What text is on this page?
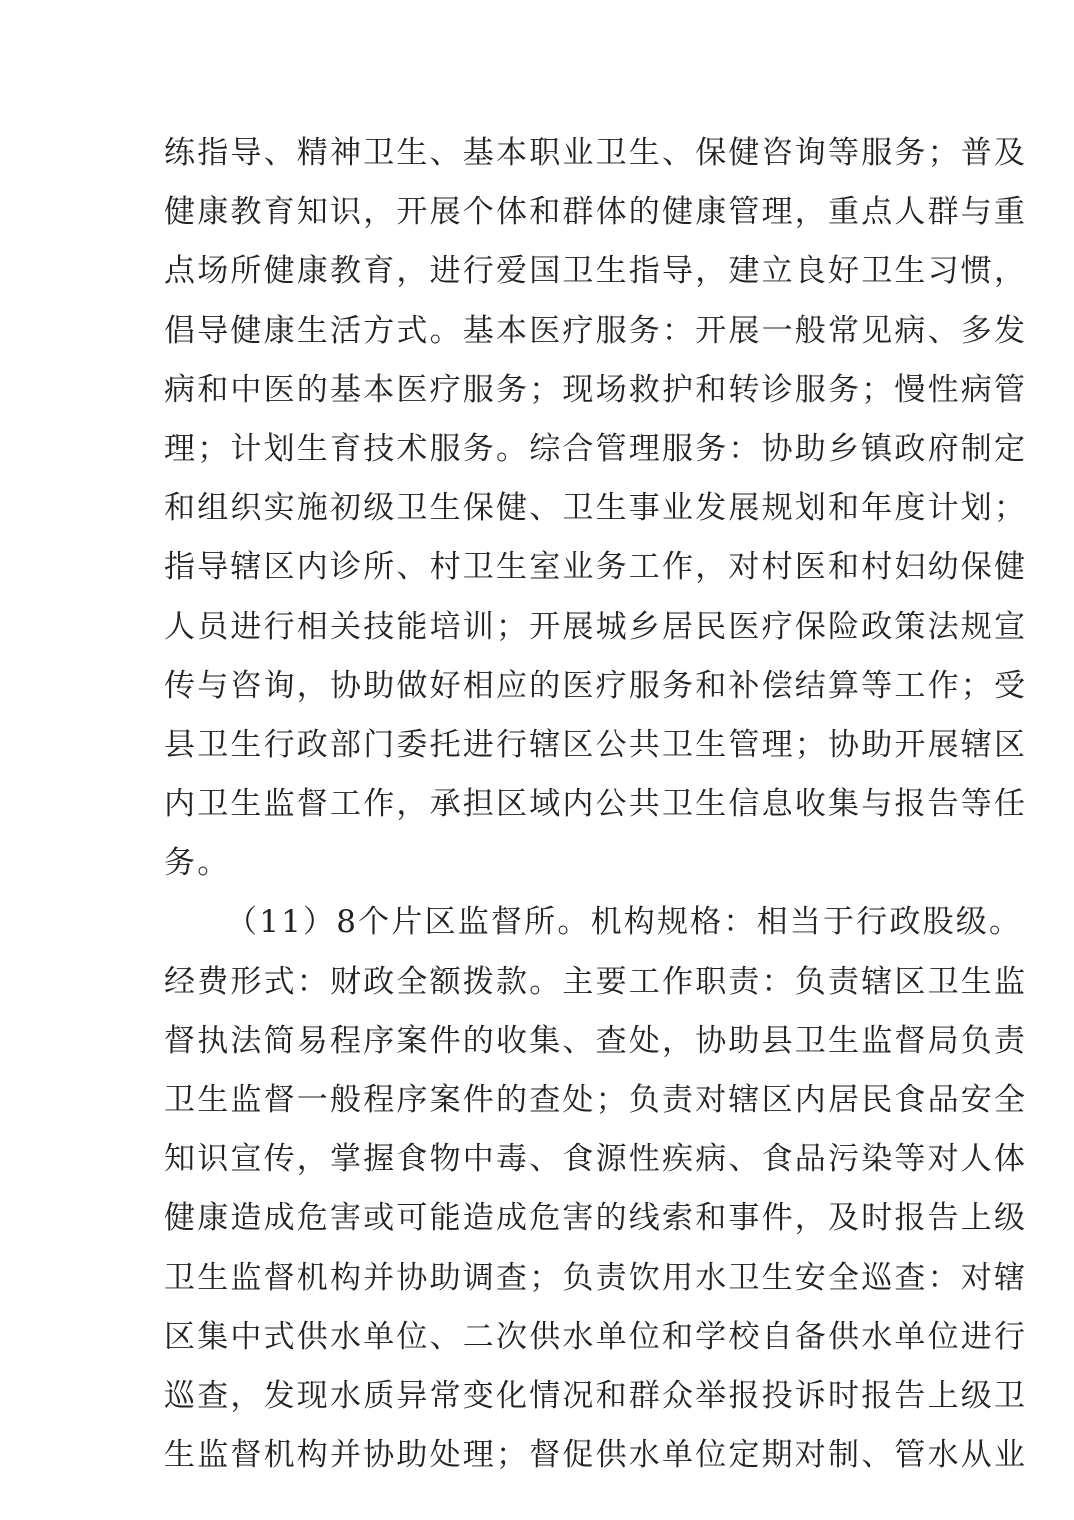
练指导、精神卫生、基本职业卫生、保健咨询等服务；普及
健康教育知识，开展个体和群体的健康管理，重点人群与重
点场所健康教育，进行爱国卫生指导，建立良好卫生习惯，
倡导健康生活方式。基本医疗服务：开展一般常见病、多发
病和中医的基本医疗服务；现场救护和转诊服务；慢性病管
理；计划生育技术服务。综合管理服务：协助乡镇政府制定
和组织实施初级卫生保健、卫生事业发展规划和年度计划；
指导辖区内诊所、村卫生室业务工作，对村医和村妇幼保健
人员进行相关技能培训；开展城乡居民医疗保险政策法规宣
传与咨询，协助做好相应的医疗服务和补偿结算等工作；受
县卫生行政部门委托进行辖区公共卫生管理；协助开展辖区
内卫生监督工作，承担区域内公共卫生信息收集与报告等任
务。
（11）8个片区监督所。机构规格：相当于行政股级。
经费形式：财政全额拨款。主要工作职责：负责辖区卫生监
督执法简易程序案件的收集、查处，协助县卫生监督局负责
卫生监督一般程序案件的查处；负责对辖区内居民食品安全
知识宣传，掌握食物中毒、食源性疾病、食品污染等对人体
健康造成危害或可能造成危害的线索和事件，及时报告上级
卫生监督机构并协助调查；负责饮用水卫生安全巡查：对辖
区集中式供水单位、二次供水单位和学校自备供水单位进行
巡查，发现水质异常变化情况和群众举报投诉时报告上级卫
生监督机构并协助处理；督促供水单位定期对制、管水从业
